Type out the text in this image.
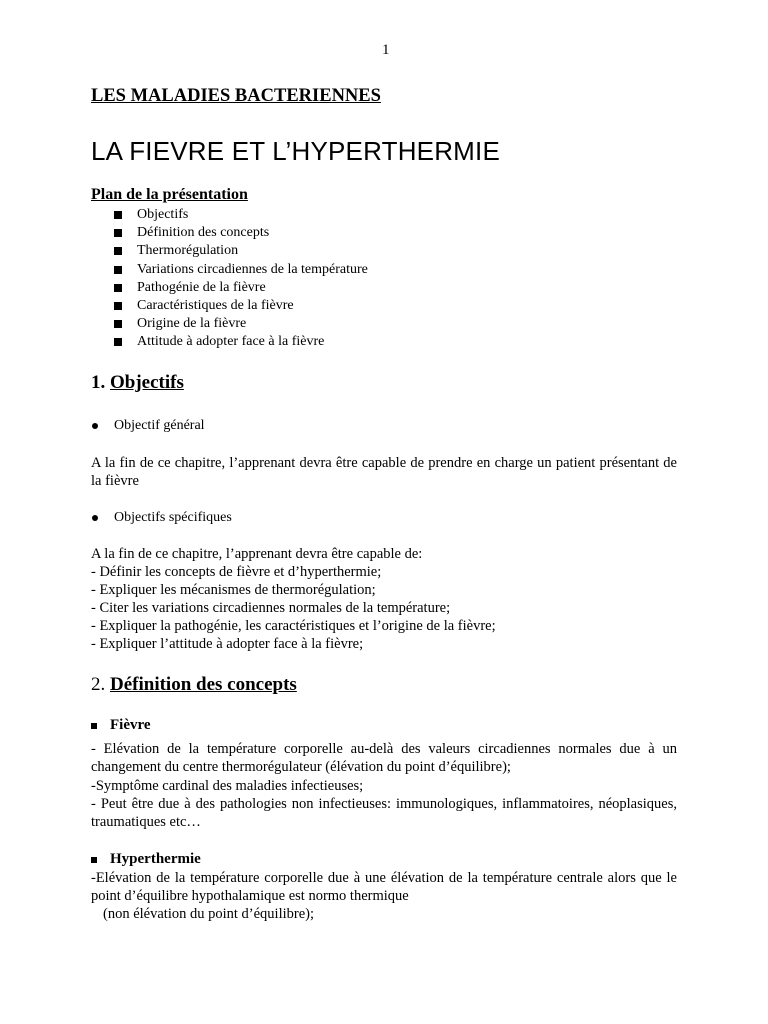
1
LES MALADIES BACTERIENNES
LA FIEVRE ET L’HYPERTHERMIE
Plan de la présentation
Objectifs
Définition des concepts
Thermorégulation
Variations circadiennes de la température
Pathogénie de la fièvre
Caractéristiques de la fièvre
Origine de la fièvre
Attitude à adopter face à la fièvre
1. Objectifs
Objectif général
A la fin de ce chapitre, l’apprenant devra être capable de prendre en charge un patient présentant de la fièvre
Objectifs spécifiques
A la fin de ce chapitre, l’apprenant devra être capable de:
- Définir les concepts de fièvre et d’hyperthermie;
- Expliquer les mécanismes de thermorégulation;
- Citer les variations circadiennes normales de la température;
- Expliquer la pathogénie, les caractéristiques et l’origine de la fièvre;
- Expliquer l’attitude à adopter face à la fièvre;
2. Définition des concepts
Fièvre
- Elévation de la température corporelle au-delà des valeurs circadiennes normales due à un changement du centre thermorégulateur (élévation du point d’équilibre);
-Symptôme cardinal des maladies infectieuses;
- Peut être due à des pathologies non infectieuses: immunologiques, inflammatoires, néoplasiques, traumatiques etc…
Hyperthermie
-Elévation de la température corporelle due à une élévation de la température centrale alors que le point d’équilibre hypothalamique est normo thermique
(non élévation du point d’équilibre);
